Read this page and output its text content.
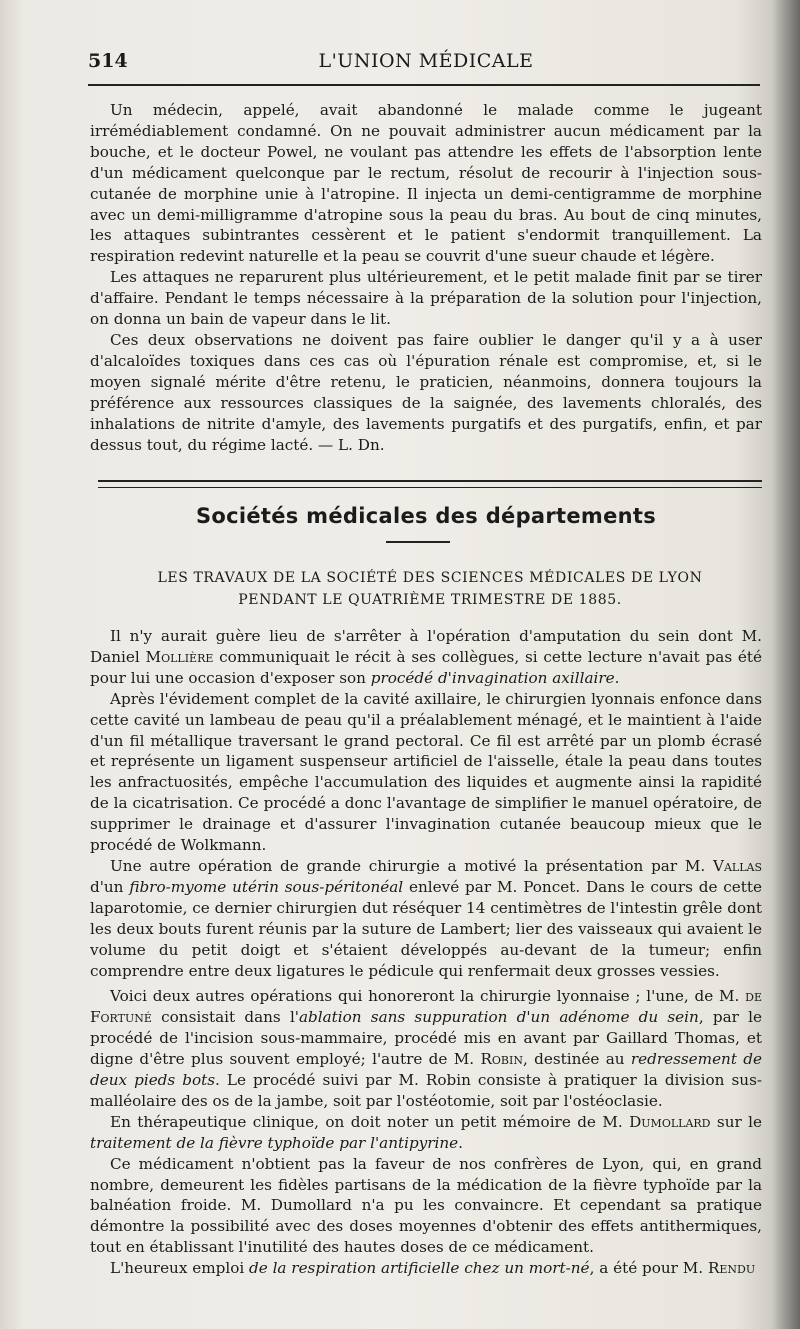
514	L'UNION MÉDICALE

Un médecin, appelé, avait abandonné le malade comme le jugeant irrémédiablement condamné. On ne pouvait administrer aucun médicament par la bouche, et le docteur Powel, ne voulant pas attendre les effets de l'absorption lente d'un médicament quelconque par le rectum, résolut de recourir à l'injection sous-cutanée de morphine unie à l'atropine. Il injecta un demi-centigramme de morphine avec un demi-milligramme d'atropine sous la peau du bras. Au bout de cinq minutes, les attaques subintrantes cessèrent et le patient s'endormit tranquillement. La respiration redevint naturelle et la peau se couvrit d'une sueur chaude et légère.

Les attaques ne reparurent plus ultérieurement, et le petit malade finit par se tirer d'affaire. Pendant le temps nécessaire à la préparation de la solution pour l'injection, on donna un bain de vapeur dans le lit.

Ces deux observations ne doivent pas faire oublier le danger qu'il y a à user d'alcaloïdes toxiques dans ces cas où l'épuration rénale est compromise, et, si le moyen signalé mérite d'être retenu, le praticien, néanmoins, donnera toujours la préférence aux ressources classiques de la saignée, des lavements chloralés, des inhalations de nitrite d'amyle, des lavements purgatifs et des purgatifs, enfin, et par dessus tout, du régime lacté. — L. Dn.

Sociétés médicales des départements
LES TRAVAUX DE LA SOCIÉTÉ DES SCIENCES MÉDICALES DE LYON
PENDANT LE QUATRIÈME TRIMESTRE DE 1885.

Il n'y aurait guère lieu de s'arrêter à l'opération d'amputation du sein dont M. Daniel Mollière communiquait le récit à ses collègues, si cette lecture n'avait pas été pour lui une occasion d'exposer son procédé d'invagination axillaire.

Après l'évidement complet de la cavité axillaire, le chirurgien lyonnais enfonce dans cette cavité un lambeau de peau qu'il a préalablement ménagé, et le maintient à l'aide d'un fil métallique traversant le grand pectoral. Ce fil est arrêté par un plomb écrasé et représente un ligament suspenseur artificiel de l'aisselle, étale la peau dans toutes les anfractuosités, empêche l'accumulation des liquides et augmente ainsi la rapidité de la cicatrisation. Ce procédé a donc l'avantage de simplifier le manuel opératoire, de supprimer le drainage et d'assurer l'invagination cutanée beaucoup mieux que le procédé de Wolkmann.

Une autre opération de grande chirurgie a motivé la présentation par M. Vallas d'un fibro-myome utérin sous-péritonéal enlevé par M. Poncet. Dans le cours de cette laparotomie, ce dernier chirurgien dut réséquer 14 centimètres de l'intestin grêle dont les deux bouts furent réunis par la suture de Lambert; lier des vaisseaux qui avaient le volume du petit doigt et s'étaient développés au-devant de la tumeur; enfin comprendre entre deux ligatures le pédicule qui renfermait deux grosses vessies.

Voici deux autres opérations qui honoreront la chirurgie lyonnaise ; l'une, de M. de Fortuné consistait dans l'ablation sans suppuration d'un adénome du sein, par le procédé de l'incision sous-mammaire, procédé mis en avant par Gaillard Thomas, et digne d'être plus souvent employé; l'autre de M. Robin, destinée au redressement de deux pieds bots. Le procédé suivi par M. Robin consiste à pratiquer la division sus-malléolaire des os de la jambe, soit par l'ostéotomie, soit par l'ostéoclasie.

En thérapeutique clinique, on doit noter un petit mémoire de M. Dumollard sur le traitement de la fièvre typhoïde par l'antipyrine.

Ce médicament n'obtient pas la faveur de nos confrères de Lyon, qui, en grand nombre, demeurent les fidèles partisans de la médication de la fièvre typhoïde par la balnéation froide. M. Dumollard n'a pu les convaincre. Et cependant sa pratique démontre la possibilité avec des doses moyennes d'obtenir des effets antithermiques, tout en établissant l'inutilité des hautes doses de ce médicament.

L'heureux emploi de la respiration artificielle chez un mort-né, a été pour M. Rendu
